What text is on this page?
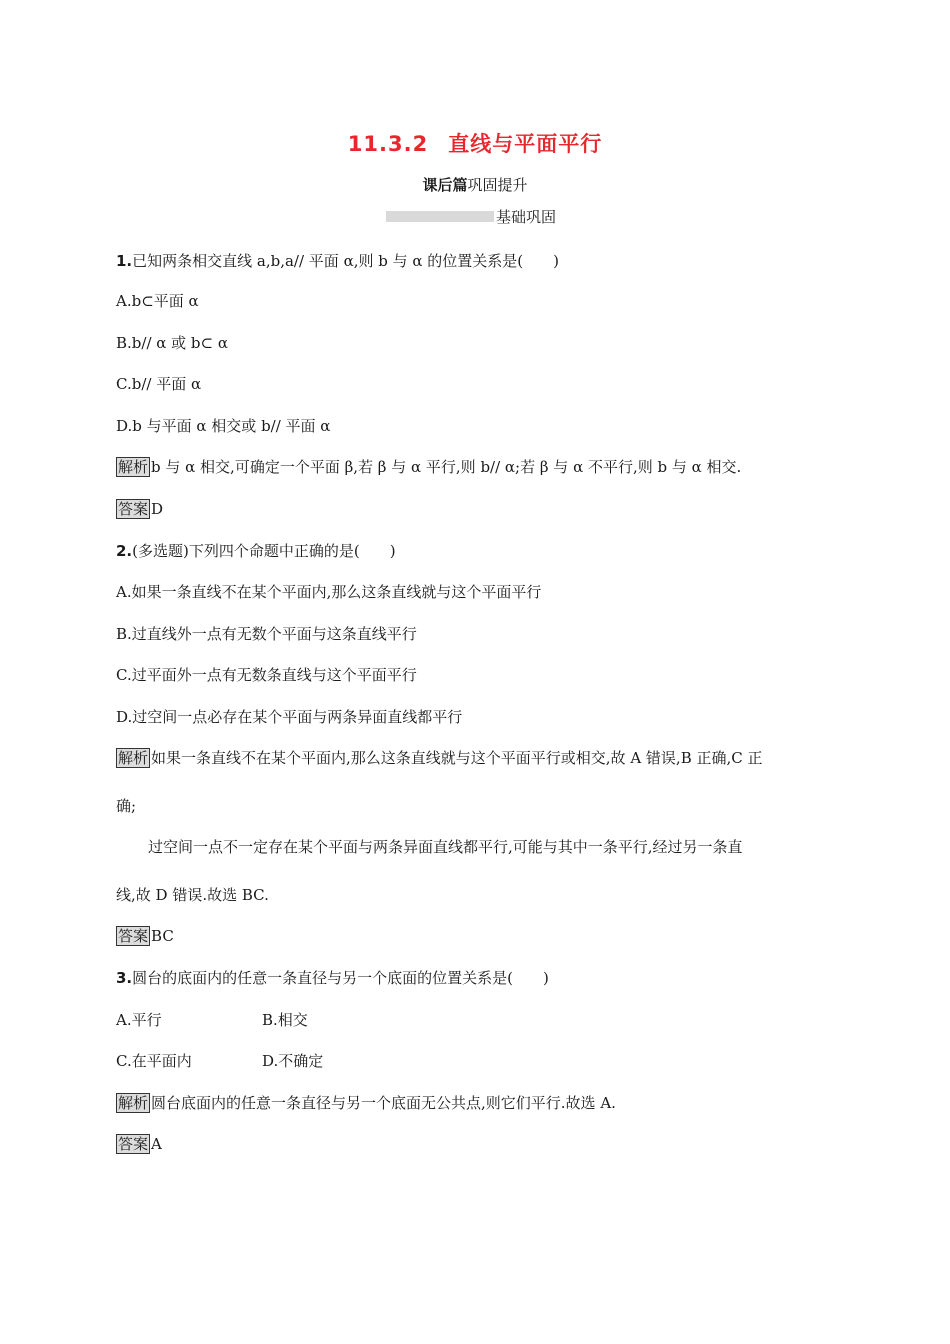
11.3.2 直线与平面平行
课后篇巩固提升
基础巩固
1.已知两条相交直线 a,b,a// 平面 α,则 b 与 α 的位置关系是(　　)
A.b⊂平面 α
B.b// α 或 b⊂ α
C.b// 平面 α
D.b 与平面 α 相交或 b// 平面 α
解析 b 与 α 相交,可确定一个平面 β,若 β 与 α 平行,则 b// α;若 β 与 α 不平行,则 b 与 α 相交.
答案 D
2.(多选题)下列四个命题中正确的是(　　)
A.如果一条直线不在某个平面内,那么这条直线就与这个平面平行
B.过直线外一点有无数个平面与这条直线平行
C.过平面外一点有无数条直线与这个平面平行
D.过空间一点必存在某个平面与两条异面直线都平行
解析 如果一条直线不在某个平面内,那么这条直线就与这个平面平行或相交,故 A 错误,B 正确,C 正
确;
过空间一点不一定存在某个平面与两条异面直线都平行,可能与其中一条平行,经过另一条直
线,故 D 错误.故选 BC.
答案 BC
3.圆台的底面内的任意一条直径与另一个底面的位置关系是(　　)
A.平行	B.相交
C.在平面内	D.不确定
解析 圆台底面内的任意一条直径与另一个底面无公共点,则它们平行.故选 A.
答案 A
